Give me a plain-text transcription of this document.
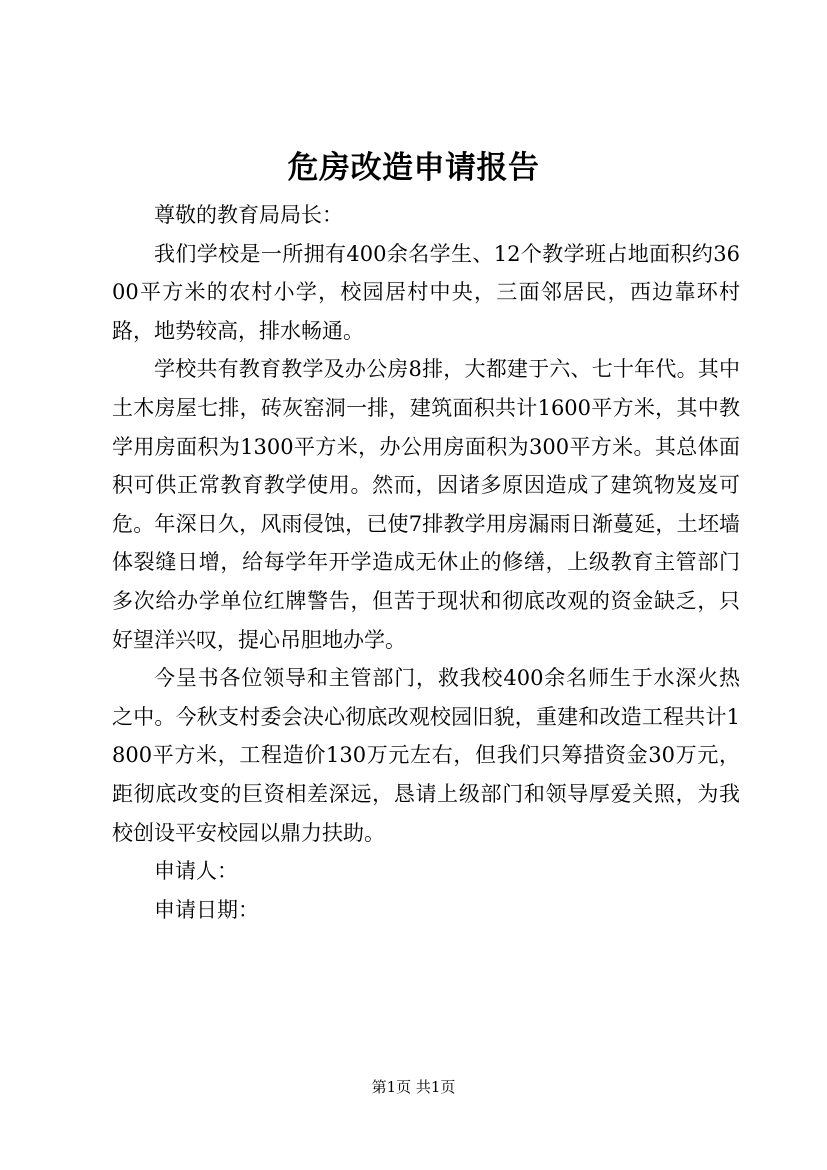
危房改造申请报告

尊敬的教育局局长：

我们学校是一所拥有400余名学生、12个教学班占地面积约3600平方米的农村小学，校园居村中央，三面邻居民，西边靠环村路，地势较高，排水畅通。

学校共有教育教学及办公房8排，大都建于六、七十年代。其中土木房屋七排，砖灰窑洞一排，建筑面积共计1600平方米，其中教学用房面积为1300平方米，办公用房面积为300平方米。其总体面积可供正常教育教学使用。然而，因诸多原因造成了建筑物岌岌可危。年深日久，风雨侵蚀，已使7排教学用房漏雨日渐蔓延，土坯墙体裂缝日增，给每学年开学造成无休止的修缮，上级教育主管部门多次给办学单位红牌警告，但苦于现状和彻底改观的资金缺乏，只好望洋兴叹，提心吊胆地办学。

今呈书各位领导和主管部门，救我校400余名师生于水深火热之中。今秋支村委会决心彻底改观校园旧貌，重建和改造工程共计1800平方米，工程造价130万元左右，但我们只筹措资金30万元，距彻底改变的巨资相差深远，恳请上级部门和领导厚爱关照，为我校创设平安校园以鼎力扶助。

申请人：

申请日期：

第1页 共1页
